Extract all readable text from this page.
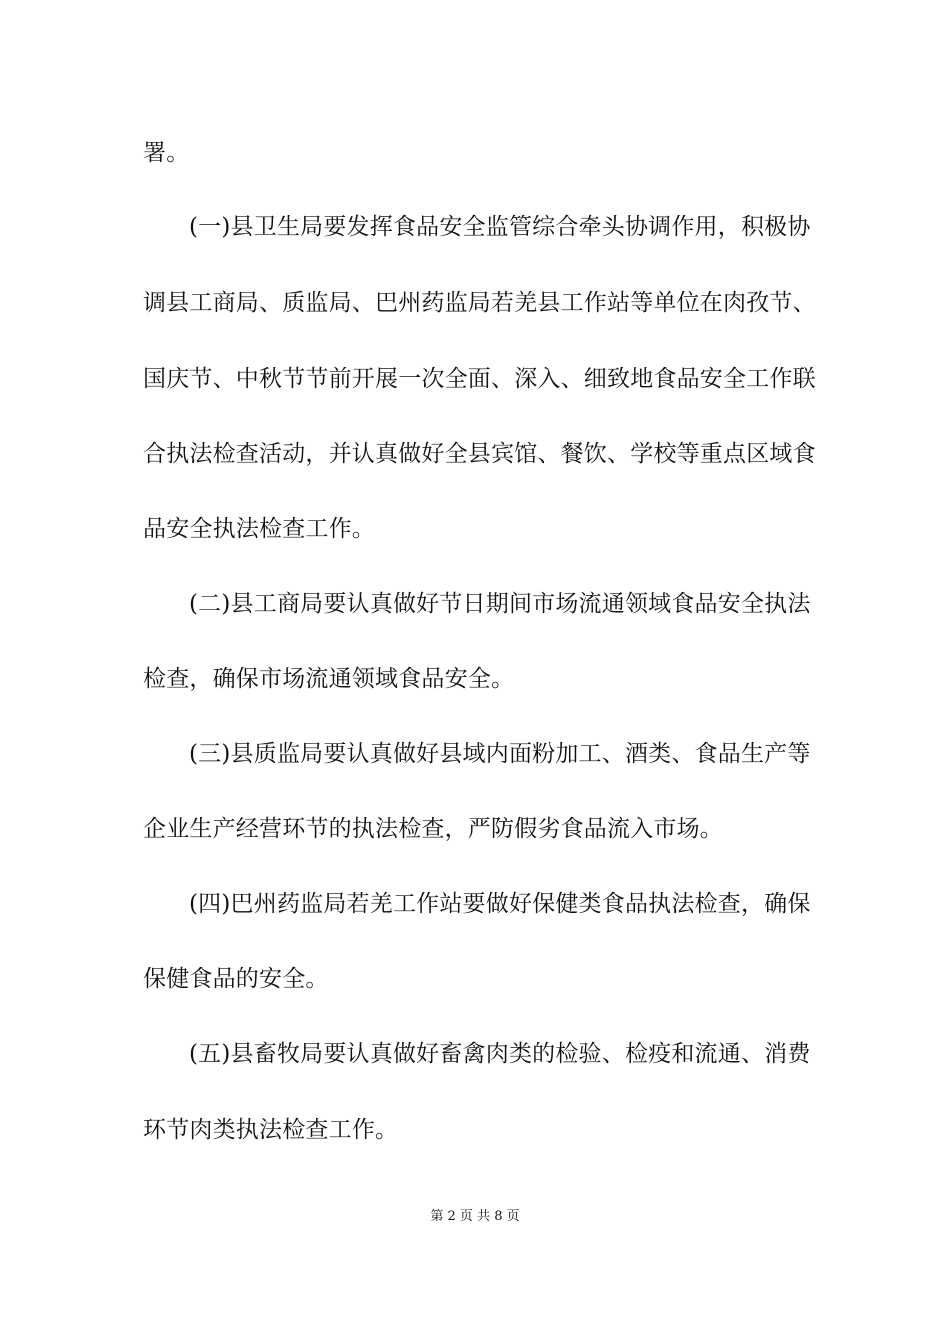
署。
(一)县卫生局要发挥食品安全监管综合牵头协调作用，积极协
调县工商局、质监局、巴州药监局若羌县工作站等单位在肉孜节、
国庆节、中秋节节前开展一次全面、深入、细致地食品安全工作联
合执法检查活动，并认真做好全县宾馆、餐饮、学校等重点区域食
品安全执法检查工作。
(二)县工商局要认真做好节日期间市场流通领域食品安全执法
检查，确保市场流通领域食品安全。
(三)县质监局要认真做好县域内面粉加工、酒类、食品生产等
企业生产经营环节的执法检查，严防假劣食品流入市场。
(四)巴州药监局若羌工作站要做好保健类食品执法检查，确保
保健食品的安全。
(五)县畜牧局要认真做好畜禽肉类的检验、检疫和流通、消费
环节肉类执法检查工作。
第 2 页 共 8 页
